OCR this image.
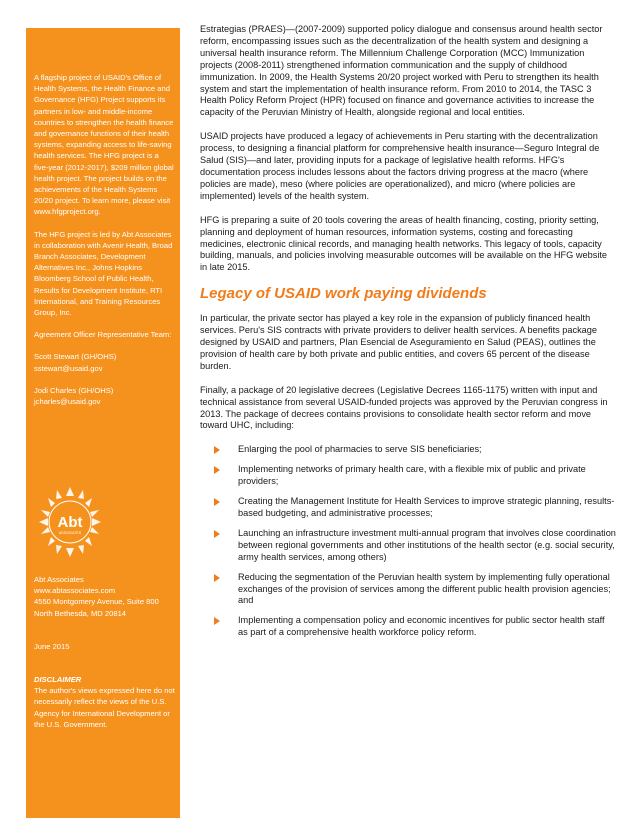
A flagship project of USAID's Office of Health Systems, the Health Finance and Governance (HFG) Project supports its partners in low- and middle-income countries to strengthen the health finance and governance functions of their health systems, expanding access to life-saving health services. The HFG project is a five-year (2012-2017), $209 million global health project. The project builds on the achievements of the Health Systems 20/20 project. To learn more, please visit www.hfgproject.org.

The HFG project is led by Abt Associates in collaboration with Avenir Health, Broad Branch Associates, Development Alternatives Inc., Johns Hopkins Bloomberg School of Public Health, Results for Development Institute, RTI International, and Training Resources Group, Inc.

Agreement Officer Representative Team:

Scott Stewart (GH/OHS)

sstewart@usaid.gov

Jodi Charles (GH/OHS)

jcharles@usaid.gov

Abt
ASSOCIATES

Abt Associates

www.abtassociates.com

4550 Montgomery Avenue, Suite 800

North Bethesda, MD 20814

June 2015

DISCLAIMER

The author's views expressed here do not necessarily reflect the views of the U.S. Agency for International Development or the U.S. Government.

Estrategias (PRAES)—(2007-2009) supported policy dialogue and consensus around health sector reform, encompassing issues such as the decentralization of the health system and designing a universal health insurance reform. The Millennium Challenge Corporation (MCC) Immunization projects (2008-2011) strengthened information communication and the supply of childhood immunization. In 2009, the Health Systems 20/20 project worked with Peru to strengthen its health system and start the implementation of health insurance reform. From 2010 to 2014, the TASC 3 Health Policy Reform Project (HPR) focused on finance and governance activities to increase the capacity of the Peruvian Ministry of Health, alongside regional and local entities.

USAID projects have produced a legacy of achievements in Peru starting with the decentralization process, to designing a financial platform for comprehensive health insurance—Seguro Integral de Salud (SIS)—and later, providing inputs for a package of legislative health reforms. HFG's documentation process includes lessons about the factors driving progress at the macro (where policies are made), meso (where policies are operationalized), and micro (where policies are implemented) levels of the health system.

HFG is preparing a suite of 20 tools covering the areas of health financing, costing, priority setting, planning and deployment of human resources, information systems, costing and forecasting medicines, electronic clinical records, and managing health networks. This legacy of tools, capacity building, manuals, and policies involving measurable outcomes will be available on the HFG website in late 2015.

Legacy of USAID work paying dividends

In particular, the private sector has played a key role in the expansion of publicly financed health services. Peru's SIS contracts with private providers to deliver health services. A benefits package designed by USAID and partners, Plan Esencial de Aseguramiento en Salud (PEAS), outlines the provision of health care by both private and public entities, and covers 65 percent of the disease burden.

Finally, a package of 20 legislative decrees (Legislative Decrees 1165-1175) written with input and technical assistance from several USAID-funded projects was approved by the Peruvian congress in 2013. The package of decrees contains provisions to consolidate health sector reform and move toward UHC, including:

Enlarging the pool of pharmacies to serve SIS beneficiaries;
Implementing networks of primary health care, with a flexible mix of public and private providers;
Creating the Management Institute for Health Services to improve strategic planning, results-based budgeting, and administrative processes;
Launching an infrastructure investment multi-annual program that involves close coordination between regional governments and other institutions of the health sector (e.g. social security, army health services, among others)
Reducing the segmentation of the Peruvian health system by implementing fully operational exchanges of the provision of services among the different public health provision agencies; and
Implementing a compensation policy and economic incentives for public sector health staff as part of a comprehensive health workforce policy reform.
